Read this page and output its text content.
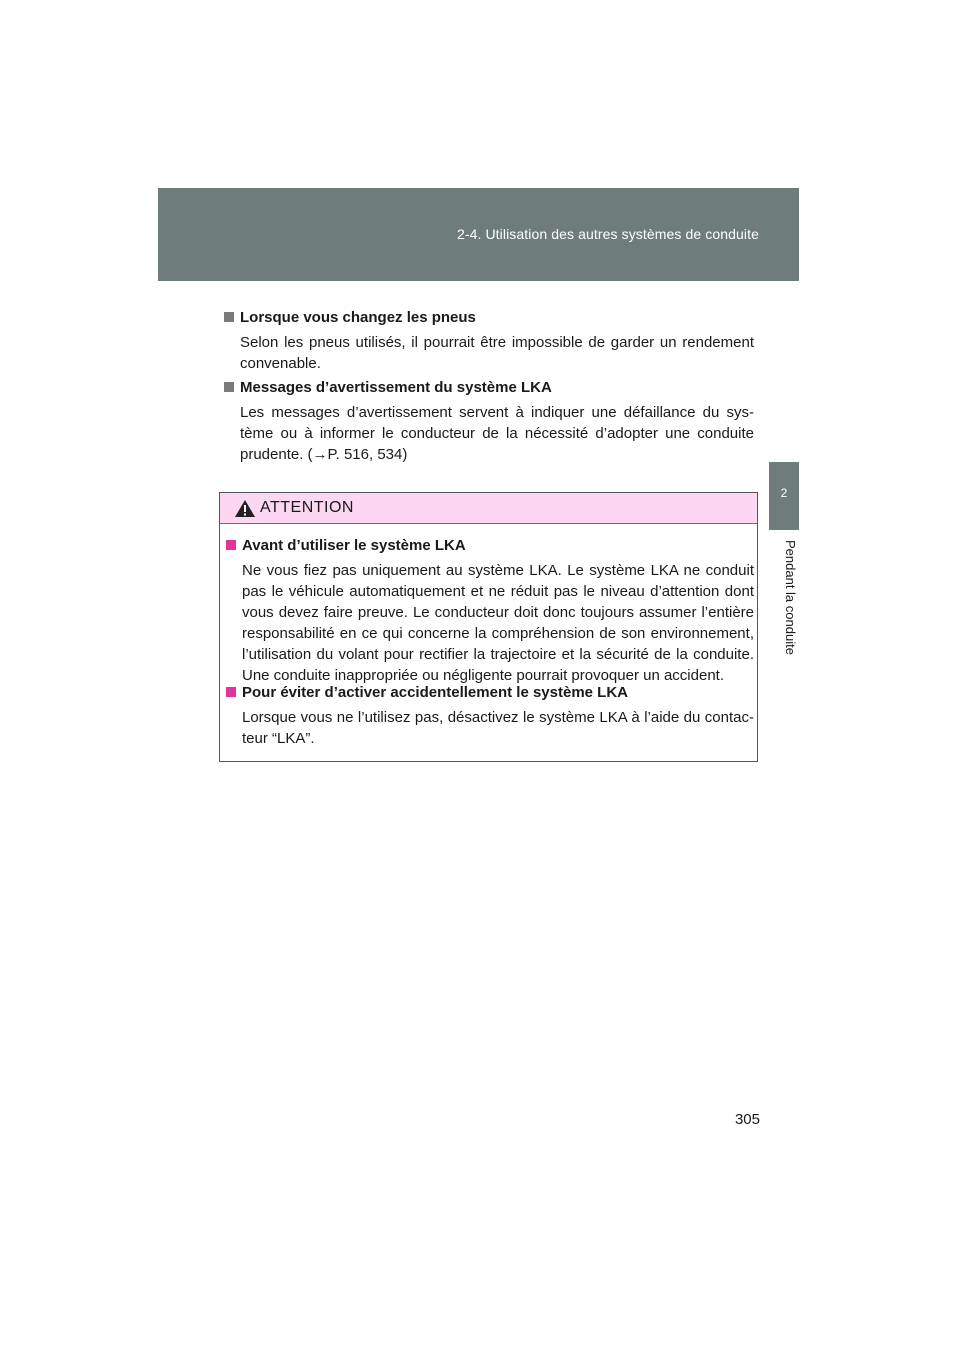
2-4. Utilisation des autres systèmes de conduite
2
Pendant la conduite
Lorsque vous changez les pneus
Selon les pneus utilisés, il pourrait être impossible de garder un rendement convenable.
Messages d’avertissement du système LKA
Les messages d’avertissement servent à indiquer une défaillance du sys-tème ou à informer le conducteur de la nécessité d’adopter une conduite prudente. (→P. 516, 534)
ATTENTION
Avant d’utiliser le système LKA
Ne vous fiez pas uniquement au système LKA. Le système LKA ne conduit pas le véhicule automatiquement et ne réduit pas le niveau d’attention dont vous devez faire preuve. Le conducteur doit donc toujours assumer l’entière responsabilité en ce qui concerne la compréhension de son environnement, l’utilisation du volant pour rectifier la trajectoire et la sécurité de la conduite. Une conduite inappropriée ou négligente pourrait provoquer un accident.
Pour éviter d’activer accidentellement le système LKA
Lorsque vous ne l’utilisez pas, désactivez le système LKA à l’aide du contac-teur “LKA”.
305
